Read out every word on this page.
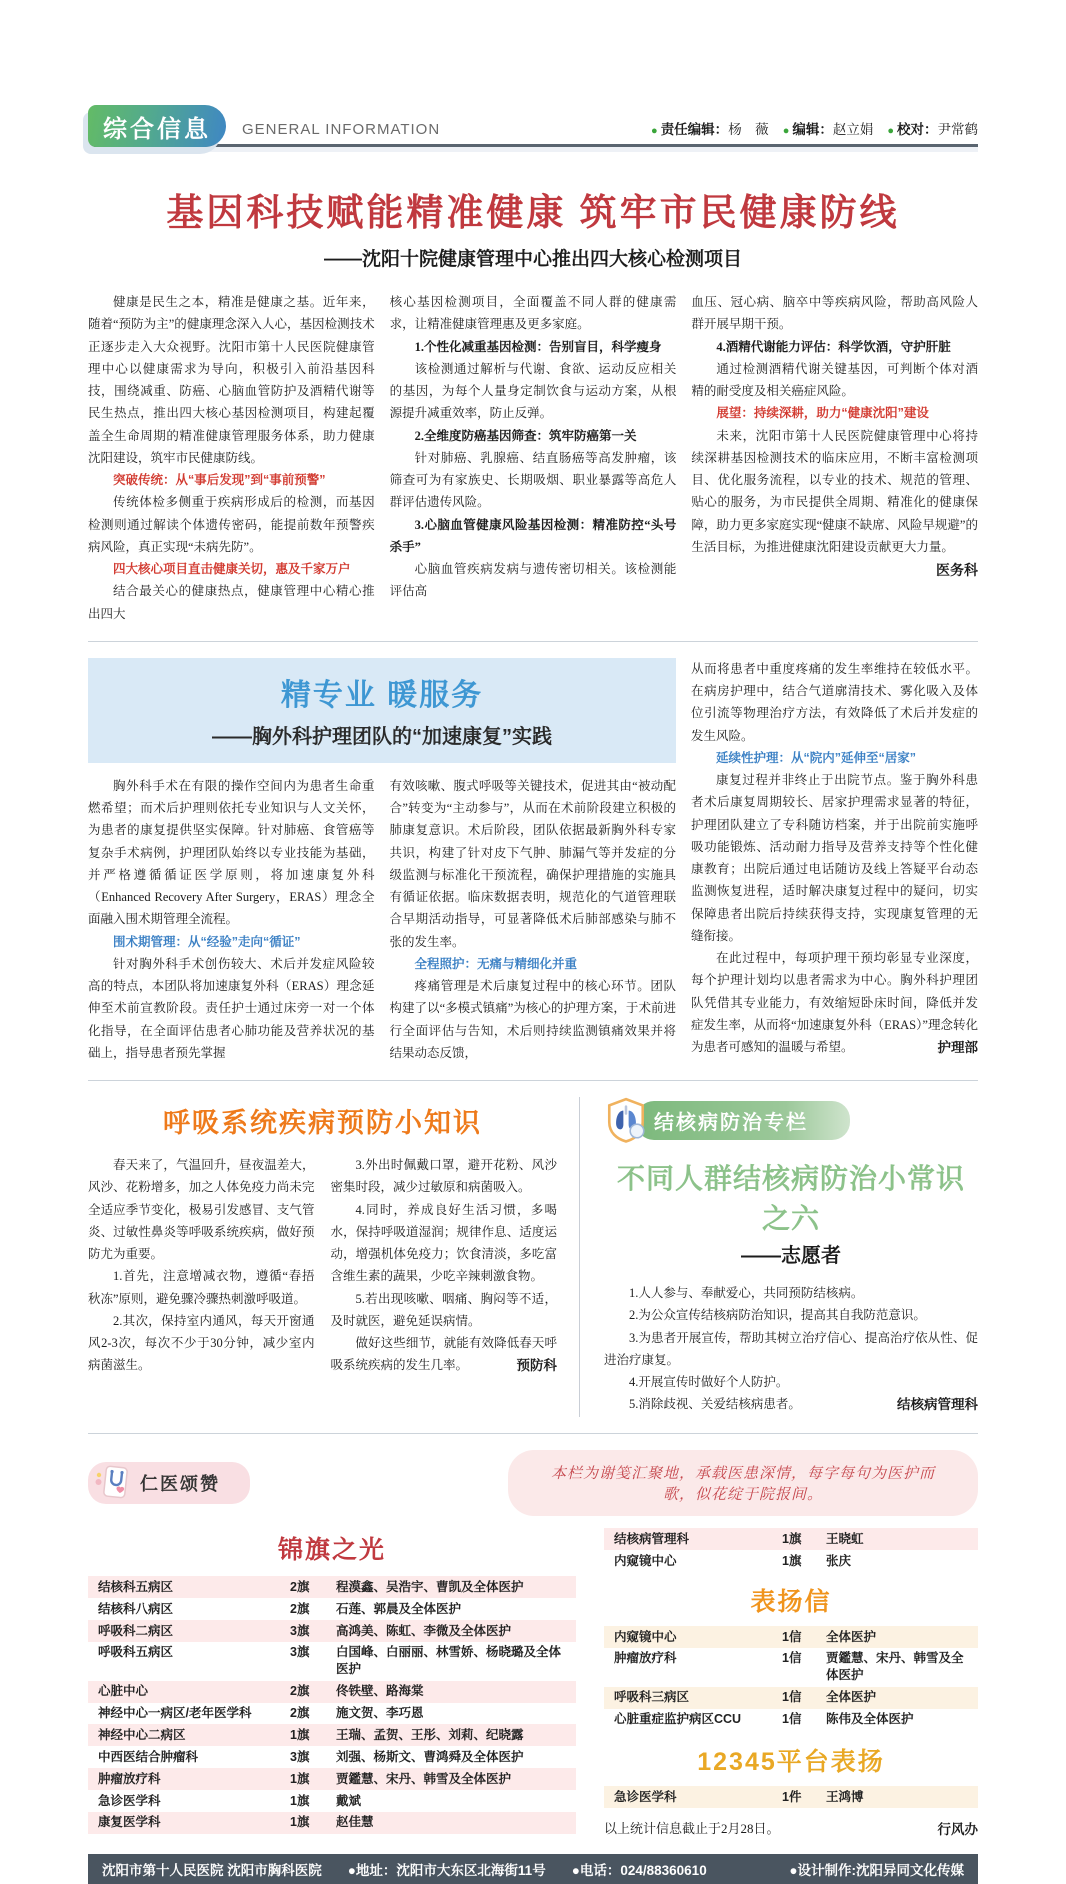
综合信息	GENERAL INFORMATION	● 责任编辑：杨　薇 ● 编辑：赵立娟 ● 校对：尹常鹤
基因科技赋能精准健康 筑牢市民健康防线
——沈阳十院健康管理中心推出四大核心检测项目

健康是民生之本，精准是健康之基。近年来，随着“预防为主”的健康理念深入人心，基因检测技术正逐步走入大众视野。沈阳市第十人民医院健康管理中心以健康需求为导向，积极引入前沿基因科技，围绕减重、防癌、心脑血管防护及酒精代谢等民生热点，推出四大核心基因检测项目，构建起覆盖全生命周期的精准健康管理服务体系，助力健康沈阳建设，筑牢市民健康防线。

突破传统：从“事后发现”到“事前预警”

传统体检多侧重于疾病形成后的检测，而基因检测则通过解读个体遗传密码，能提前数年预警疾病风险，真正实现“未病先防”。

四大核心项目直击健康关切，惠及千家万户

结合最关心的健康热点，健康管理中心精心推出四大

核心基因检测项目，全面覆盖不同人群的健康需求，让精准健康管理惠及更多家庭。

1.个性化减重基因检测：告别盲目，科学瘦身

该检测通过解析与代谢、食欲、运动反应相关的基因，为每个人量身定制饮食与运动方案，从根源提升减重效率，防止反弹。

2.全维度防癌基因筛查：筑牢防癌第一关

针对肺癌、乳腺癌、结直肠癌等高发肿瘤，该筛查可为有家族史、长期吸烟、职业暴露等高危人群评估遗传风险。

3.心脑血管健康风险基因检测：精准防控“头号杀手”

心脑血管疾病发病与遗传密切相关。该检测能评估高

血压、冠心病、脑卒中等疾病风险，帮助高风险人群开展早期干预。

4.酒精代谢能力评估：科学饮酒，守护肝脏

通过检测酒精代谢关键基因，可判断个体对酒精的耐受度及相关癌症风险。

展望：持续深耕，助力“健康沈阳”建设

未来，沈阳市第十人民医院健康管理中心将持续深耕基因检测技术的临床应用，不断丰富检测项目、优化服务流程，以专业的技术、规范的管理、贴心的服务，为市民提供全周期、精准化的健康保障，助力更多家庭实现“健康不缺席、风险早规避”的生活目标，为推进健康沈阳建设贡献更大力量。

医务科

精专业 暖服务
——胸外科护理团队的“加速康复”实践

胸外科手术在有限的操作空间内为患者生命重燃希望；而术后护理则依托专业知识与人文关怀，为患者的康复提供坚实保障。针对肺癌、食管癌等复杂手术病例，护理团队始终以专业技能为基础，并严格遵循循证医学原则，将加速康复外科（Enhanced Recovery After Surgery，ERAS）理念全面融入围术期管理全流程。

围术期管理：从“经验”走向“循证”

针对胸外科手术创伤较大、术后并发症风险较高的特点，本团队将加速康复外科（ERAS）理念延伸至术前宣教阶段。责任护士通过床旁一对一个体化指导，在全面评估患者心肺功能及营养状况的基础上，指导患者预先掌握

有效咳嗽、腹式呼吸等关键技术，促进其由“被动配合”转变为“主动参与”，从而在术前阶段建立积极的肺康复意识。术后阶段，团队依据最新胸外科专家共识，构建了针对皮下气肿、肺漏气等并发症的分级监测与标准化干预流程，确保护理措施的实施具有循证依据。临床数据表明，规范化的气道管理联合早期活动指导，可显著降低术后肺部感染与肺不张的发生率。

全程照护：无痛与精细化并重

疼痛管理是术后康复过程中的核心环节。团队构建了以“多模式镇痛”为核心的护理方案，于术前进行全面评估与告知，术后则持续监测镇痛效果并将结果动态反馈，

从而将患者中重度疼痛的发生率维持在较低水平。在病房护理中，结合气道廓清技术、雾化吸入及体位引流等物理治疗方法，有效降低了术后并发症的发生风险。

延续性护理：从“院内”延伸至“居家”

康复过程并非终止于出院节点。鉴于胸外科患者术后康复周期较长、居家护理需求显著的特征，护理团队建立了专科随访档案，并于出院前实施呼吸功能锻炼、活动耐力指导及营养支持等个性化健康教育；出院后通过电话随访及线上答疑平台动态监测恢复进程，适时解决康复过程中的疑问，切实保障患者出院后持续获得支持，实现康复管理的无缝衔接。

在此过程中，每项护理干预均彰显专业深度，每个护理计划均以患者需求为中心。胸外科护理团队凭借其专业能力，有效缩短卧床时间，降低并发症发生率，从而将“加速康复外科（ERAS）”理念转化为患者可感知的温暖与希望。	护理部

呼吸系统疾病预防小知识

春天来了，气温回升，昼夜温差大，风沙、花粉增多，加之人体免疫力尚未完全适应季节变化，极易引发感冒、支气管炎、过敏性鼻炎等呼吸系统疾病，做好预防尤为重要。

1.首先，注意增减衣物，遵循“春捂秋冻”原则，避免骤冷骤热刺激呼吸道。

2.其次，保持室内通风，每天开窗通风2-3次，每次不少于30分钟，减少室内病菌滋生。

3.外出时佩戴口罩，避开花粉、风沙密集时段，减少过敏原和病菌吸入。

4.同时，养成良好生活习惯，多喝水，保持呼吸道湿润；规律作息、适度运动，增强机体免疫力；饮食清淡，多吃富含维生素的蔬果，少吃辛辣刺激食物。

5.若出现咳嗽、咽痛、胸闷等不适，及时就医，避免延误病情。

做好这些细节，就能有效降低春天呼吸系统疾病的发生几率。	预防科

结核病防治专栏
不同人群结核病防治小常识之六
——志愿者

1.人人参与、奉献爱心，共同预防结核病。

2.为公众宣传结核病防治知识，提高其自我防范意识。

3.为患者开展宣传，帮助其树立治疗信心、提高治疗依从性、促进治疗康复。

4.开展宣传时做好个人防护。

5.消除歧视、关爱结核病患者。	结核病管理科

仁医颂赞	本栏为谢笺汇聚地，承载医患深情，每字每句为医护而歌，似花绽于院报间。
锦旗之光
结核科五病区	2旗	程漠鑫、吴浩宇、曹凯及全体医护
结核科八病区	2旗	石莲、郭晨及全体医护
呼吸科二病区	3旗	高鸿美、陈虹、李微及全体医护
呼吸科五病区	3旗	白国峰、白丽丽、林雪娇、杨晓璐及全体医护
心脏中心	2旗	佟铁壁、路海棠
神经中心一病区/老年医学科	2旗	施文贺、李巧恩
神经中心二病区	1旗	王瑞、孟贺、王彤、刘莉、纪晓露
中西医结合肿瘤科	3旗	刘强、杨斯文、曹鸿舜及全体医护
肿瘤放疗科	1旗	贾鑑慧、宋丹、韩雪及全体医护
急诊医学科	1旗	戴斌
康复医学科	1旗	赵佳慧
结核病管理科	1旗	王晓虹
内窥镜中心	1旗	张庆
表扬信
内窥镜中心	1信	全体医护
肿瘤放疗科	1信	贾鑑慧、宋丹、韩雪及全体医护
呼吸科三病区	1信	全体医护
心脏重症监护病区CCU	1信	陈伟及全体医护
12345平台表扬
急诊医学科	1件	王鸿博
行风办
以上统计信息截止于2月28日。
沈阳市第十人民医院 沈阳市胸科医院 ●地址：沈阳市大东区北海街11号 ●电话：024/88360610	●设计制作:沈阳异同文化传媒
